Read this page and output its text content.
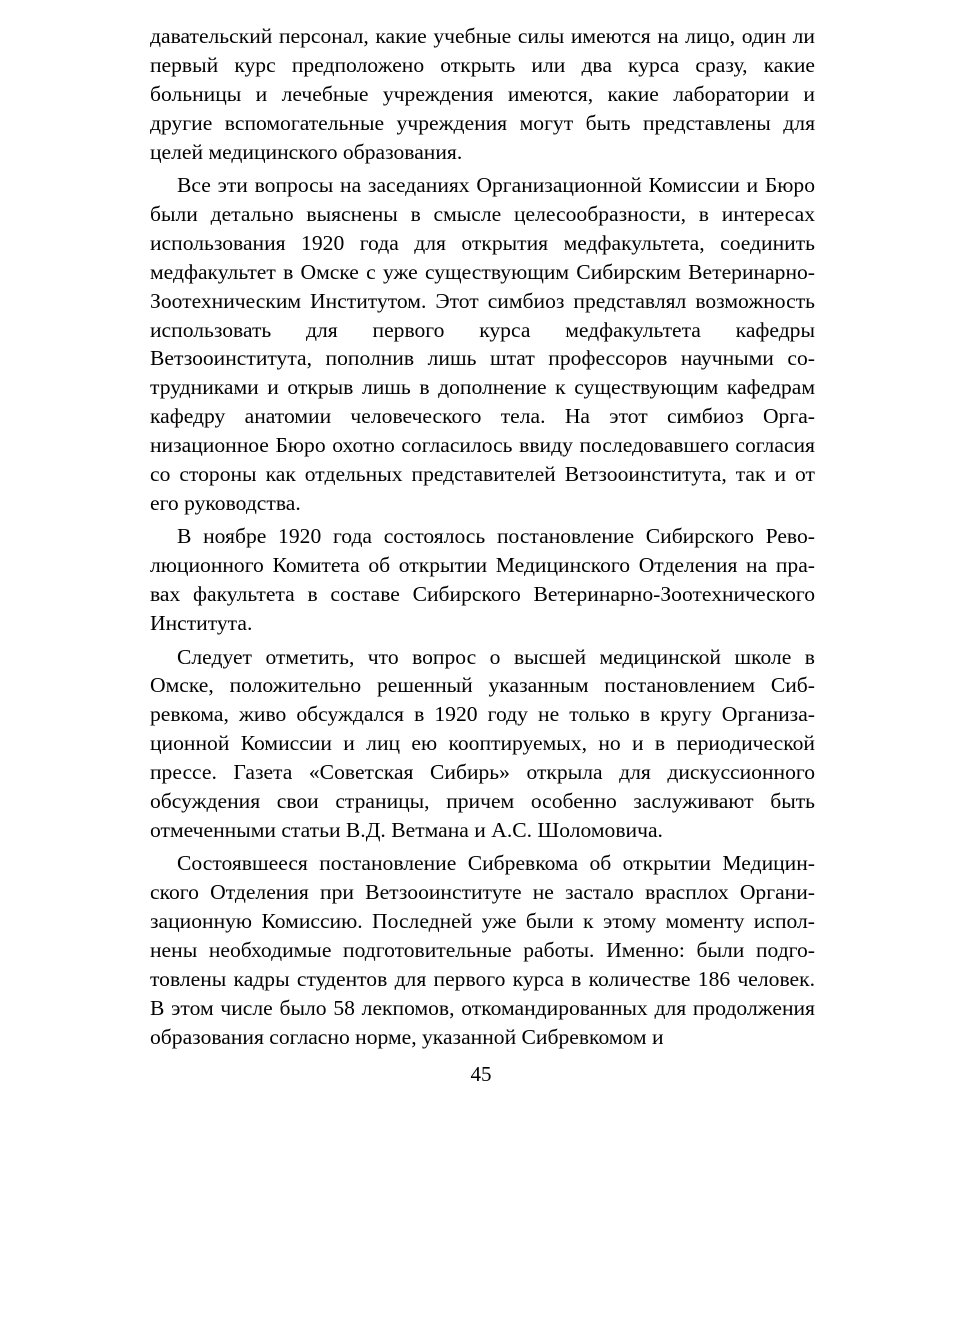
давательский персонал, какие учебные силы имеются на лицо, один ли первый курс предположено открыть или два курса сразу, какие больницы и лечебные учреждения имеются, какие лаборатории и другие вспомогательные учреждения могут быть представлены для целей медицинского образования.

Все эти вопросы на заседаниях Организационной Комиссии и Бюро были детально выяснены в смысле целесообразности, в интересах использования 1920 года для открытия медфакультета, соединить медфакультет в Омске с уже существующим Сибирским Ветеринарно-Зоотехническим Институтом. Этот симбиоз представлял возможность использовать для первого курса медфакультета кафедры Ветзооинститута, пополнив лишь штат профессоров научными сотрудниками и открыв лишь в дополнение к существующим кафедрам кафедру анатомии человеческого тела. На этот симбиоз Организационное Бюро охотно согласилось ввиду последовавшего согласия со стороны как отдельных представителей Ветзооинститута, так и от его руководства.

В ноябре 1920 года состоялось постановление Сибирского Революционного Комитета об открытии Медицинского Отделения на правах факультета в составе Сибирского Ветеринарно-Зоотехнического Института.

Следует отметить, что вопрос о высшей медицинской школе в Омске, положительно решенный указанным постановлением Сибревкома, живо обсуждался в 1920 году не только в кругу Организационной Комиссии и лиц ею кооптируемых, но и в периодической прессе. Газета «Советская Сибирь» открыла для дискуссионного обсуждения свои страницы, причем особенно заслуживают быть отмеченными статьи В.Д. Ветмана и А.С. Шоломовича.

Состоявшееся постановление Сибревкома об открытии Медицинского Отделения при Ветзооинституте не застало врасплох Организационную Комиссию. Последней уже были к этому моменту исполнены необходимые подготовительные работы. Именно: были подготовлены кадры студентов для первого курса в количестве 186 человек. В этом числе было 58 лекпомов, откомандированных для продолжения образования согласно норме, указанной Сибревкомом и

45
